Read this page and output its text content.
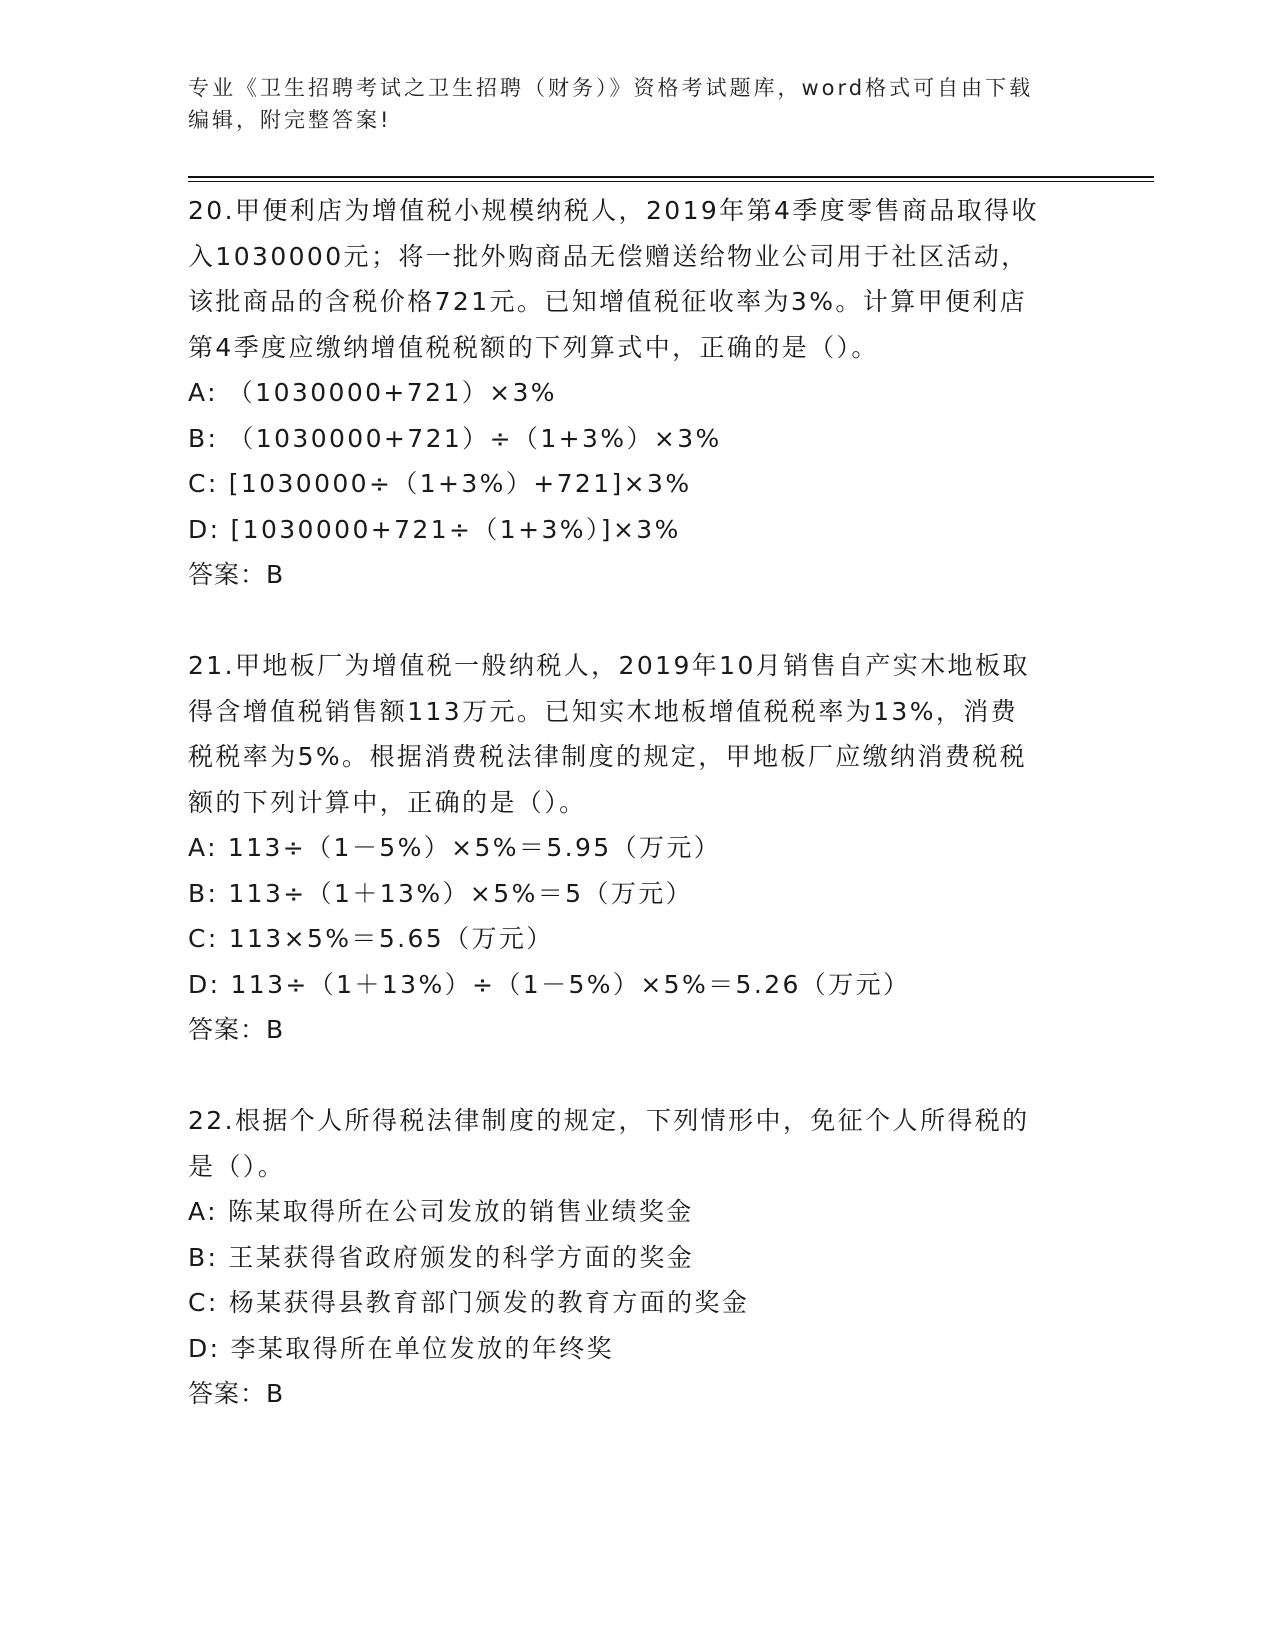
专业《卫生招聘考试之卫生招聘（财务）》资格考试题库，word格式可自由下载

编辑，附完整答案!

20.甲便利店为增值税小规模纳税人，2019年第4季度零售商品取得收

入1030000元；将一批外购商品无偿赠送给物业公司用于社区活动，

该批商品的含税价格721元。已知增值税征收率为3%。计算甲便利店

第4季度应缴纳增值税税额的下列算式中，正确的是（）。

A: （1030000+721）×3%

B: （1030000+721）÷（1+3%）×3%

C: [1030000÷（1+3%）+721]×3%

D: [1030000+721÷（1+3%）]×3%

答案：B

21.甲地板厂为增值税一般纳税人，2019年10月销售自产实木地板取

得含增值税销售额113万元。已知实木地板增值税税率为13%，消费

税税率为5%。根据消费税法律制度的规定，甲地板厂应缴纳消费税税

额的下列计算中，正确的是（）。

A: 113÷（1－5%）×5%＝5.95（万元）

B: 113÷（1＋13%）×5%＝5（万元）

C: 113×5%＝5.65（万元）

D: 113÷（1＋13%）÷（1－5%）×5%＝5.26（万元）

答案：B

22.根据个人所得税法律制度的规定，下列情形中，免征个人所得税的

是（）。

A: 陈某取得所在公司发放的销售业绩奖金

B: 王某获得省政府颁发的科学方面的奖金

C: 杨某获得县教育部门颁发的教育方面的奖金

D: 李某取得所在单位发放的年终奖

答案：B
